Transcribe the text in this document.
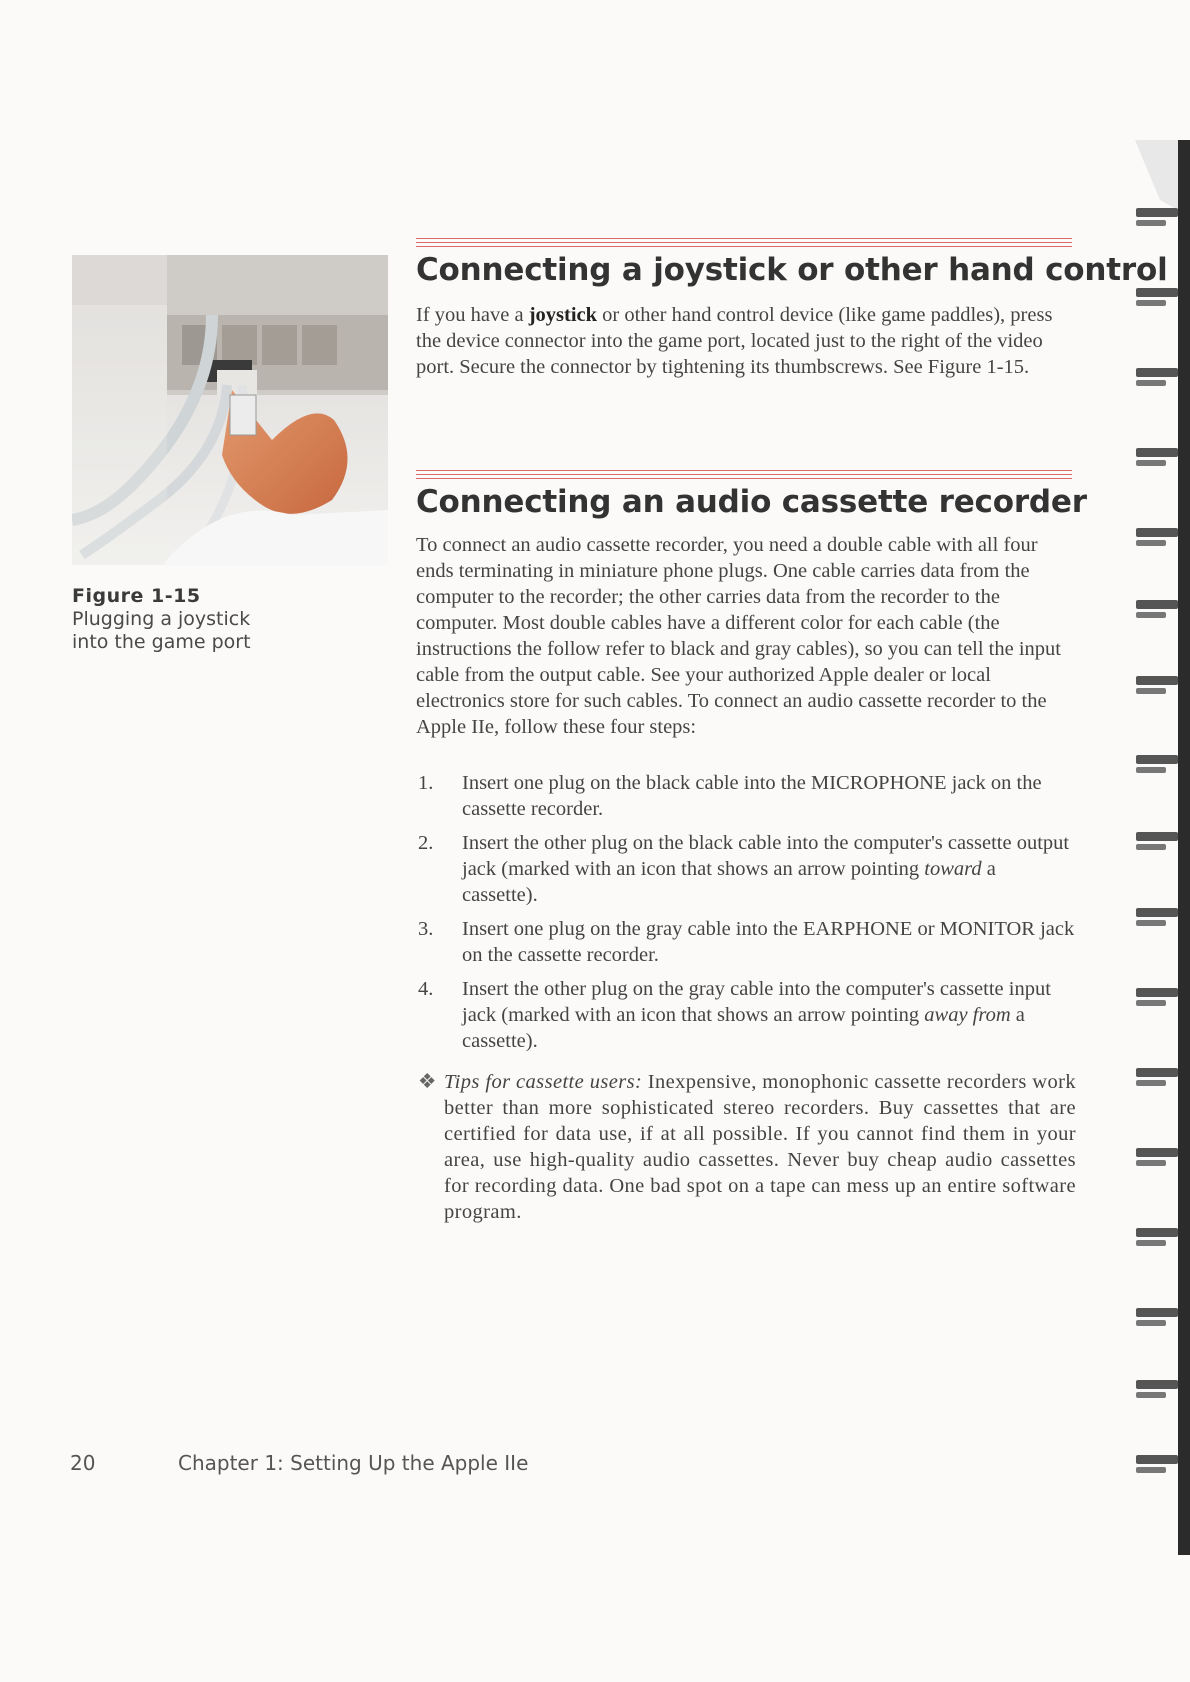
Figure 1-15
Plugging a joystick
into the game port
Connecting a joystick or other hand control

If you have a joystick or other hand control device (like game paddles), press the device connector into the game port, located just to the right of the video port. Secure the connector by tightening its thumbscrews. See Figure 1-15.

Connecting an audio cassette recorder

To connect an audio cassette recorder, you need a double cable with all four ends terminating in miniature phone plugs. One cable carries data from the computer to the recorder; the other carries data from the recorder to the computer. Most double cables have a different color for each cable (the instructions the follow refer to black and gray cables), so you can tell the input cable from the output cable. See your authorized Apple dealer or local electronics store for such cables. To connect an audio cassette recorder to the Apple IIe, follow these four steps:

1. Insert one plug on the black cable into the MICROPHONE jack on the cassette recorder.
2. Insert the other plug on the black cable into the computer's cassette output jack (marked with an icon that shows an arrow pointing toward a cassette).
3. Insert one plug on the gray cable into the EARPHONE or MONITOR jack on the cassette recorder.
4. Insert the other plug on the gray cable into the computer's cassette input jack (marked with an icon that shows an arrow pointing away from a cassette).
❖ Tips for cassette users: Inexpensive, monophonic cassette recorders work better than more sophisticated stereo recorders. Buy cassettes that are certified for data use, if at all possible. If you cannot find them in your area, use high-quality audio cassettes. Never buy cheap audio cassettes for recording data. One bad spot on a tape can mess up an entire software program.
20	Chapter 1: Setting Up the Apple IIe
